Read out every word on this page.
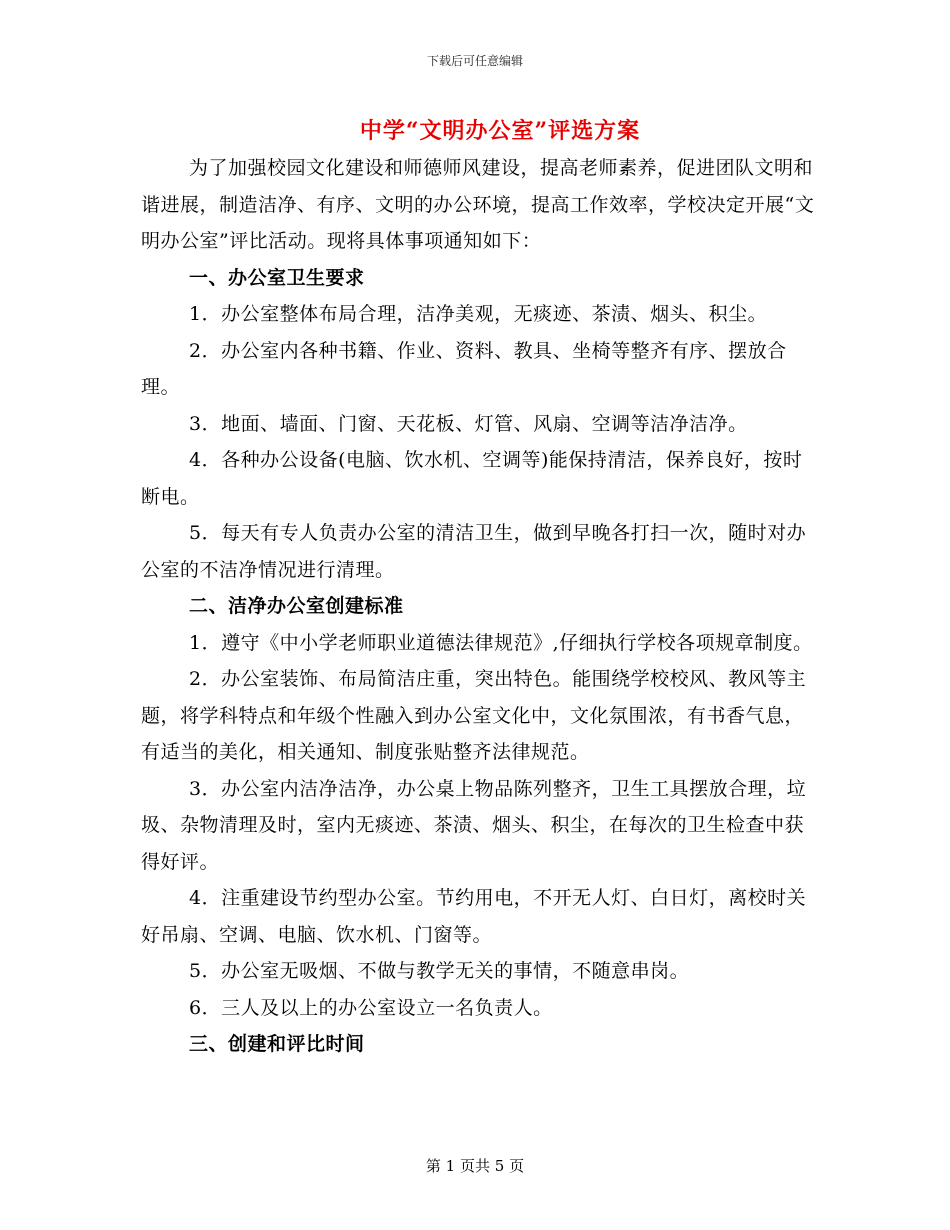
下载后可任意编辑
中学“文明办公室”评选方案

为了加强校园文化建设和师德师风建设，提高老师素养，促进团队文明和谐进展，制造洁净、有序、文明的办公环境，提高工作效率，学校决定开展“文明办公室”评比活动。现将具体事项通知如下：

一、办公室卫生要求

1．办公室整体布局合理，洁净美观，无痰迹、茶渍、烟头、积尘。

2．办公室内各种书籍、作业、资料、教具、坐椅等整齐有序、摆放合理。

3．地面、墙面、门窗、天花板、灯管、风扇、空调等洁净洁净。

4．各种办公设备(电脑、饮水机、空调等)能保持清洁，保养良好，按时断电。

5．每天有专人负责办公室的清洁卫生，做到早晚各打扫一次，随时对办公室的不洁净情况进行清理。

二、洁净办公室创建标准

1．遵守《中小学老师职业道德法律规范》,仔细执行学校各项规章制度。

2．办公室装饰、布局简洁庄重，突出特色。能围绕学校校风、教风等主题，将学科特点和年级个性融入到办公室文化中，文化氛围浓，有书香气息，有适当的美化，相关通知、制度张贴整齐法律规范。

3．办公室内洁净洁净，办公桌上物品陈列整齐，卫生工具摆放合理，垃圾、杂物清理及时，室内无痰迹、茶渍、烟头、积尘，在每次的卫生检查中获得好评。

4．注重建设节约型办公室。节约用电，不开无人灯、白日灯，离校时关好吊扇、空调、电脑、饮水机、门窗等。

5．办公室无吸烟、不做与教学无关的事情，不随意串岗。

6．三人及以上的办公室设立一名负责人。

三、创建和评比时间

第 1 页共 5 页
